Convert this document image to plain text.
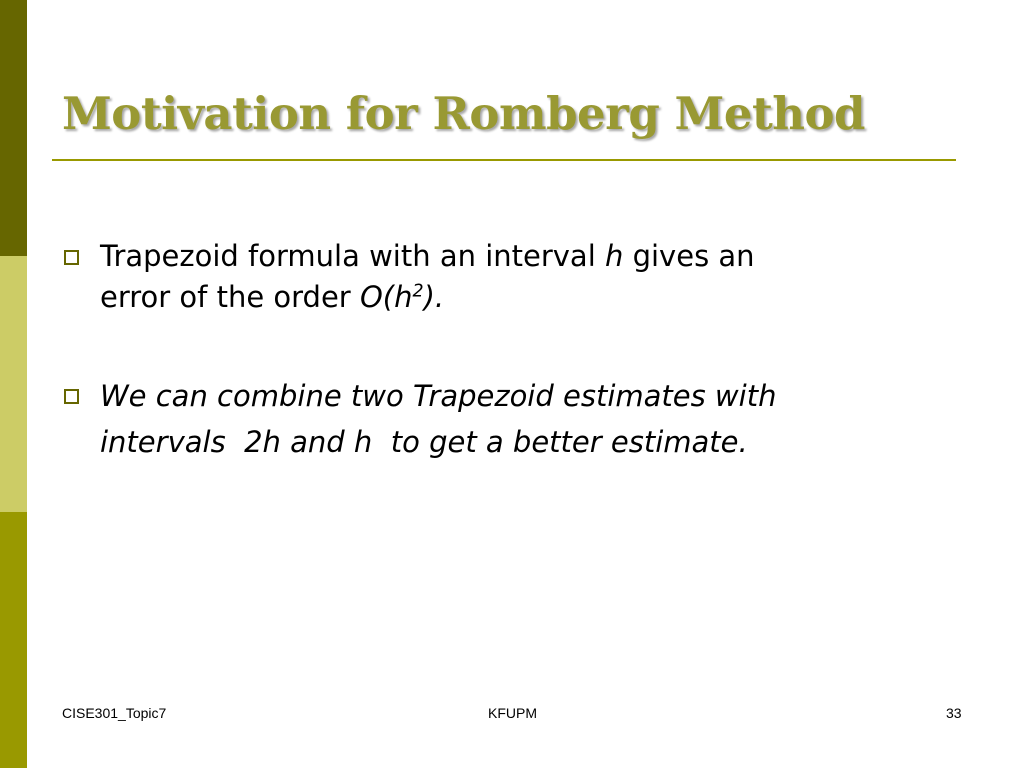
Motivation for Romberg Method
Trapezoid formula with an interval h gives an
error of the order $O(h^2)$.
We can combine two Trapezoid estimates with
intervals  2h and h  to get a better estimate.
CISE301_Topic7	KFUPM	33
